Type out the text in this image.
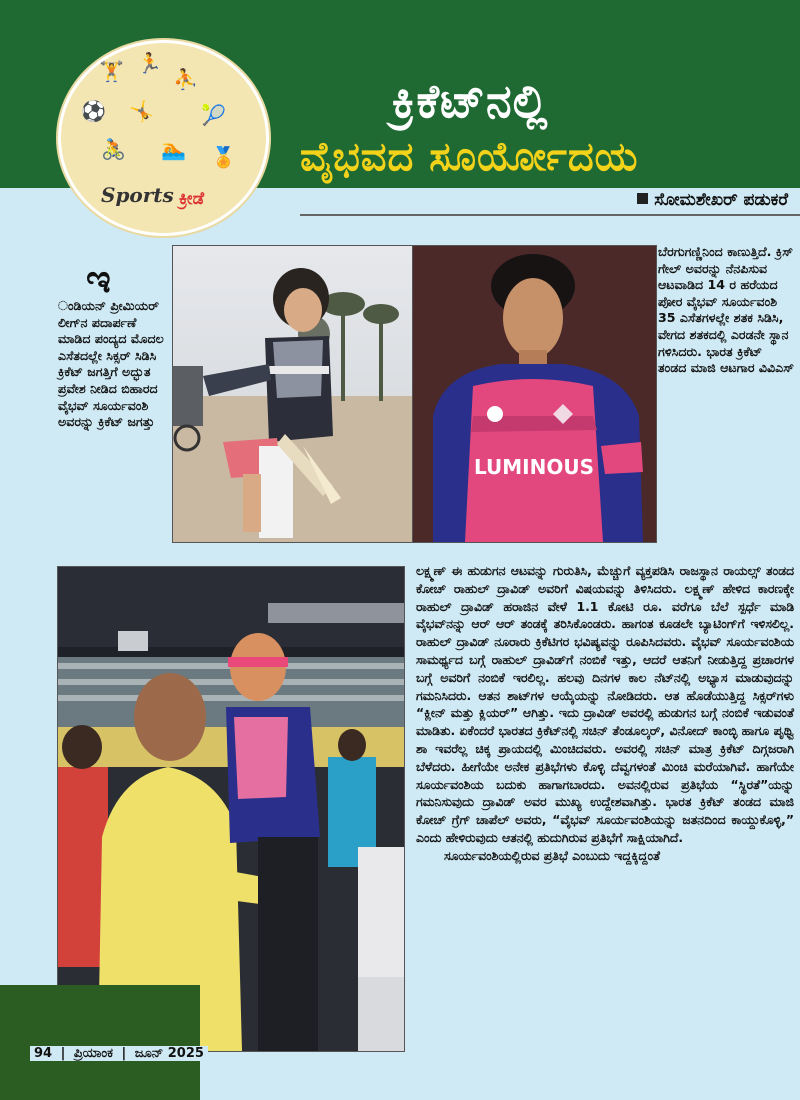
🏋 🏃
⛹
⚽ 🤸 🎾
🚴 🏊 🏅
Sports ಕ್ರೀಡೆ
ಕ್ರಿಕೆಟ್‌ನಲ್ಲಿ
ವೈಭವದ ಸೂರ್ಯೋದಯ
ಸೋಮಶೇಖರ್ ಪಡುಕರೆ
ಇ
ಂಡಿಯನ್ ಪ್ರೀಮಿಯರ್ ಲೀಗ್‌ನ ಪದಾರ್ಪಣೆ ಮಾಡಿದ ಪಂದ್ಯದ ಮೊದಲ ಎಸೆತದಲ್ಲೇ ಸಿಕ್ಸರ್ ಸಿಡಿಸಿ ಕ್ರಿಕೆಟ್ ಜಗತ್ತಿಗೆ ಅದ್ಭುತ ಪ್ರವೇಶ ನೀಡಿದ ಬಿಹಾರದ ವೈಭವ್ ಸೂರ್ಯವಂಶಿ ಅವರನ್ನು ಕ್ರಿಕೆಟ್ ಜಗತ್ತು
LUMINOUS
ಬೆರಗುಗಣ್ಣಿನಿಂದ ಕಾಣುತ್ತಿದೆ. ಕ್ರಿಸ್ ಗೇಲ್ ಅವರನ್ನು ನೆನಪಿಸುವ ಆಟವಾಡಿದ 14 ರ ಹರೆಯದ ಪೋರ ವೈಭವ್ ಸೂರ್ಯವಂಶಿ 35 ಎಸೆತಗಳಲ್ಲೇ ಶತಕ ಸಿಡಿಸಿ, ವೇಗದ ಶತಕದಲ್ಲಿ ಎರಡನೇ ಸ್ಥಾನ ಗಳಿಸಿದರು. ಭಾರತ ಕ್ರಿಕೆಟ್ ತಂಡದ ಮಾಜಿ ಆಟಗಾರ ವಿವಿಎಸ್

ಲಕ್ಷ್ಮಣ್ ಈ ಹುಡುಗನ ಆಟವನ್ನು ಗುರುತಿಸಿ, ಮೆಚ್ಚುಗೆ ವ್ಯಕ್ತಪಡಿಸಿ ರಾಜಸ್ಥಾನ ರಾಯಲ್ಸ್ ತಂಡದ ಕೋಚ್ ರಾಹುಲ್ ದ್ರಾವಿಡ್ ಅವರಿಗೆ ವಿಷಯವನ್ನು ತಿಳಿಸಿದರು. ಲಕ್ಷ್ಮಣ್ ಹೇಳಿದ ಕಾರಣಕ್ಕೇ ರಾಹುಲ್ ದ್ರಾವಿಡ್ ಹರಾಜಿನ ವೇಳೆ 1.1 ಕೋಟಿ ರೂ. ವರೆಗೂ ಬೆಲೆ ಸ್ಪರ್ಧೆ ಮಾಡಿ ವೈಭವ್‌ನನ್ನು ಆರ್ ಆರ್ ತಂಡಕ್ಕೆ ತರಿಸಿಕೊಂಡರು. ಹಾಗಂತ ಕೂಡಲೇ ಬ್ಯಾಟಿಂಗ್‌ಗೆ ಇಳಿಸಲಿಲ್ಲ. ರಾಹುಲ್ ದ್ರಾವಿಡ್ ನೂರಾರು ಕ್ರಿಕೆಟಿಗರ ಭವಿಷ್ಯವನ್ನು ರೂಪಿಸಿದವರು. ವೈಭವ್ ಸೂರ್ಯವಂಶಿಯ ಸಾಮರ್ಥ್ಯದ ಬಗ್ಗೆ ರಾಹುಲ್ ದ್ರಾವಿಡ್‌ಗೆ ನಂಬಿಕೆ ಇತ್ತು, ಆದರೆ ಆತನಿಗೆ ನೀಡುತ್ತಿದ್ದ ಪ್ರಚಾರಗಳ ಬಗ್ಗೆ ಅವರಿಗೆ ನಂಬಿಕೆ ಇರಲಿಲ್ಲ. ಹಲವು ದಿನಗಳ ಕಾಲ ನೆಟ್‌ನಲ್ಲಿ ಅಭ್ಯಾಸ ಮಾಡುವುದನ್ನು ಗಮನಿಸಿದರು. ಆತನ ಶಾಟ್‌ಗಳ ಆಯ್ಕೆಯನ್ನು ನೋಡಿದರು. ಆತ ಹೊಡೆಯುತ್ತಿದ್ದ ಸಿಕ್ಸರ್‌ಗಳು “ಕ್ಲೀನ್ ಮತ್ತು ಕ್ಲಿಯರ್” ಆಗಿತ್ತು. ಇದು ದ್ರಾವಿಡ್ ಅವರಲ್ಲಿ ಹುಡುಗನ ಬಗ್ಗೆ ನಂಬಿಕೆ ಇಡುವಂತೆ ಮಾಡಿತು. ಏಕೆಂದರೆ ಭಾರತದ ಕ್ರಿಕೆಟ್‌ನಲ್ಲಿ ಸಚಿನ್ ತೆಂಡೂಲ್ಕರ್, ವಿನೋದ್ ಕಾಂಬ್ಳಿ ಹಾಗೂ ಪೃಥ್ವಿ ಶಾ ಇವರೆಲ್ಲ ಚಿಕ್ಕ ಪ್ರಾಯದಲ್ಲಿ ಮಿಂಚಿದವರು. ಅವರಲ್ಲಿ ಸಚಿನ್ ಮಾತ್ರ ಕ್ರಿಕೆಟ್ ದಿಗ್ಗಜರಾಗಿ ಬೆಳೆದರು. ಹೀಗೆಯೇ ಅನೇಕ ಪ್ರತಿಭೆಗಳು ಕೊಳ್ಳಿ ದೆವ್ವಗಳಂತೆ ಮಿಂಚಿ ಮರೆಯಾಗಿವೆ. ಹಾಗೆಯೇ ಸೂರ್ಯವಂಶಿಯ ಬದುಕು ಹಾಗಾಗಬಾರದು. ಅವನಲ್ಲಿರುವ ಪ್ರತಿಭೆಯ “ಸ್ಥಿರತೆ”ಯನ್ನು ಗಮನಿಸುವುದು ದ್ರಾವಿಡ್ ಅವರ ಮುಖ್ಯ ಉದ್ದೇಶವಾಗಿತ್ತು. ಭಾರತ ಕ್ರಿಕೆಟ್ ತಂಡದ ಮಾಜಿ ಕೋಚ್ ಗ್ರೆಗ್ ಚಾಪೆಲ್ ಅವರು, “ವೈಭವ್ ಸೂರ್ಯವಂಶಿಯನ್ನು ಜತನದಿಂದ ಕಾಯ್ದುಕೊಳ್ಳಿ,” ಎಂದು ಹೇಳಿರುವುದು ಆತನಲ್ಲಿ ಹುದುಗಿರುವ ಪ್ರತಿಭೆಗೆ ಸಾಕ್ಷಿಯಾಗಿದೆ.

ಸೂರ್ಯವಂಶಿಯಲ್ಲಿರುವ ಪ್ರತಿಭೆ ಎಂಬುದು ಇದ್ದಕ್ಕಿದ್ದಂತೆ

94 | ಪ್ರಿಯಾಂಕ | ಜೂನ್ 2025
